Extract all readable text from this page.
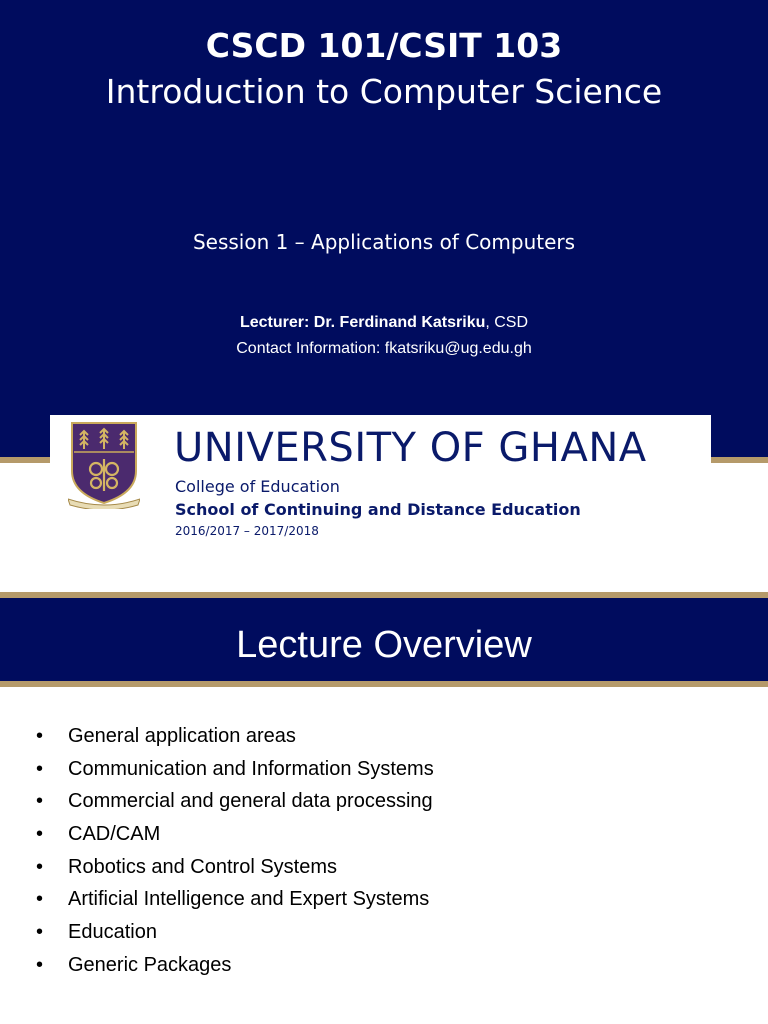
CSCD 101/CSIT 103
Introduction to Computer Science
Session 1 – Applications of Computers
Lecturer: Dr. Ferdinand Katsriku, CSD
Contact Information: fkatsriku@ug.edu.gh
UNIVERSITY OF GHANA
College of Education
School of Continuing and Distance Education
2016/2017 – 2017/2018
Lecture Overview
• General application areas
• Communication and Information Systems
• Commercial and general data processing
• CAD/CAM
• Robotics and Control Systems
• Artificial Intelligence and Expert Systems
• Education
• Generic Packages
